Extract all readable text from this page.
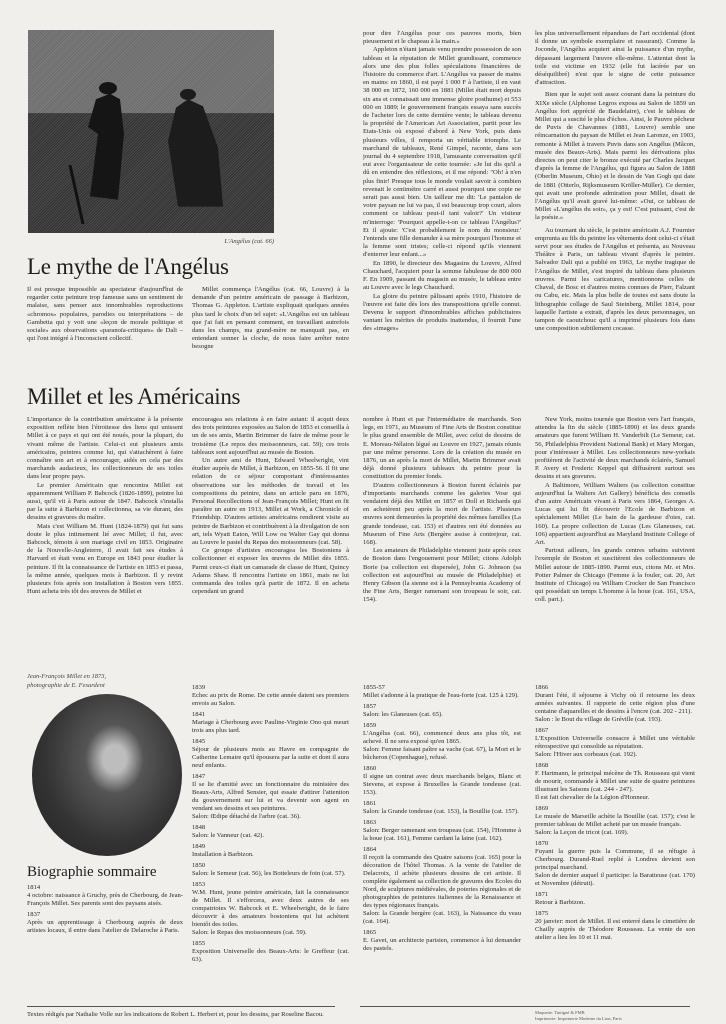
L'Angélus (cat. 66)
Le mythe de l'Angélus

Il est presque impossible au spectateur d'aujourd'hui de regarder cette peinture trop fameuse sans un sentiment de malaise, sans penser aux innombrables reproductions «chromos» populaires, parodies ou interprétations – de Gambetta qui y voit une «leçon de morale politique et sociale» aux observations «paranoïa-critiques» de Dali – qui l'ont intégré à l'inconscient collectif.

Millet commença l'Angélus (cat. 66, Louvre) à la demande d'un peintre américain de passage à Barbizon, Thomas G. Appleton. L'artiste expliquait quelques années plus tard le choix d'un tel sujet: «L'Angélus est un tableau que j'ai fait en pensant comment, en travaillant autrefois dans les champs, ma grand-mère ne manquait pas, en entendant sonner la cloche, de nous faire arrêter notre besogne

pour dire l'Angélus pour ces pauvres morts, bien pieusement et le chapeau à la main.»

Appleton n'étant jamais venu prendre possession de son tableau et la réputation de Millet grandissant, commence alors une des plus folles spéculations financières de l'histoire du commerce d'art. L'Angélus va passer de mains en mains: en 1860, il est payé 1 000 F à l'artiste, il en vaut 38 000 en 1872, 160 000 en 1881 (Millet était mort depuis six ans et connaissait une immense gloire posthume) et 553 000 en 1889; le gouvernement français essaya sans succès de l'acheter lors de cette dernière vente; le tableau devenu la propriété de l'American Art Association, partit pour les Etats-Unis où exposé d'abord à New York, puis dans plusieurs villes, il remporta un véritable triomphe. Le marchand de tableaux, René Gimpel, raconte, dans son journal du 4 septembre 1918, l'amusante conversation qu'il eut avec l'organisateur de cette tournée: «Je lui dis qu'il a dû en entendre des réflexions, et il me répond: "Oh! à n'en plus finir! Presque tous le monde voulait savoir à combien revenait le centimètre carré et aussi pourquoi une copie ne serait pas aussi bien. Un tailleur me dit: 'Le pantalon de votre paysan ne lui va pas, il est beaucoup trop court, alors comment ce tableau peut-il tant valoir?' Un visiteur m'interroge: 'Pourquoi appelle-t-on ce tableau l'Angélus?' Et il ajoute: 'C'est probablement le nom du monsieur.' J'entends une fille demander à sa mère pourquoi l'homme et la femme sont tristes; celle-ci répond qu'ils viennent d'enterrer leur enfant...»

En 1890, le directeur des Magasins du Louvre, Alfred Chauchard, l'acquiert pour la somme fabuleuse de 800 000 F. En 1909, passant du magasin au musée, le tableau entre au Louvre avec le legs Chauchard.

La gloire du peintre pâlissant après 1910, l'histoire de l'œuvre est faite dès lors des transpositions qu'elle connut. Devenu le support d'innombrables affiches publicitaires vantant les mérites de produits inattendus, il fournit l'une des «images»

les plus universellement répandues de l'art occidental (dont il donne un symbole exemplaire et rassurant). Comme la Joconde, l'Angélus acquiert ainsi la puissance d'un mythe, dépassant largement l'œuvre elle-même. L'attentat dont la toile est victime en 1932 (elle fut lacérée par un déséquilibré) n'est que le signe de cette puissance d'attraction.

Bien que le sujet soit assez courant dans la peinture du XIXe siècle (Alphonse Legros exposa au Salon de 1859 un Angélus fort apprécié de Baudelaire), c'est le tableau de Millet qui a suscité le plus d'échos. Ainsi, le Pauvre pêcheur de Puvis de Chavannes (1881, Louvre) semble une réincarnation du paysan de Millet et Jean Laronze, en 1903, remonte à Millet à travers Puvis dans son Angélus (Mâcon, musée des Beaux-Arts). Mais parmi les dérivations plus directes on peut citer le bronze exécuté par Charles Jacquet d'après la femme de l'Angélus, qui figura au Salon de 1888 (Oberlin Museum, Ohio) et le dessin de Van Gogh qui date de 1881 (Otterlo, Rijksmuseum Kröller-Müller). Ce dernier, qui avait une profonde admiration pour Millet, disait de l'Angélus qu'il avait gravé lui-même: «Oui, ce tableau de Millet «L'angélus du soir», ça y est! C'est puissant, c'est de la poésie.»

Au tournant du siècle, le peintre américain A.J. Fournier emprunta au fils du peintre les vêtements dont celui-ci s'était servi pour ses études de l'Angélus et présenta, au Nouveau Théâtre à Paris, un tableau vivant d'après le peintre. Salvador Dali qui a publié en 1963, Le mythe tragique de l'Angélus de Millet, s'est inspiré du tableau dans plusieurs œuvres. Parmi les caricatures, mentionnons celles de Chaval, de Bosc et d'autres moins connues de Pierr, Falzant ou Cabu, etc. Mais la plus belle de toutes est sans doute la lithographie collage de Saul Steinberg, Millet 1814, pour laquelle l'artiste a extrait, d'après les deux personnages, un tampon de caoutchouc qu'il a imprimé plusieurs fois dans une composition subtilement cocasse.

Millet et les Américains

L'importance de la contribution américaine à la présente exposition reflète bien l'étroitesse des liens qui unissent Millet à ce pays et qui ont été noués, pour la plupart, du vivant même de l'artiste. Celui-ci eut plusieurs amis américains, peintres comme lui, qui s'attachèrent à faire connaître son art et à encourager, aidés en cela par des marchands audacieux, les collectionneurs de ses toiles dans leur propre pays.

Le premier Américain que rencontra Millet est apparemment William P. Babcock (1826-1899), peintre lui aussi, qu'il vit à Paris autour de 1847. Babcock s'installa par la suite à Barbizon et collectionna, sa vie durant, des dessins et gravures du maître.

Mais c'est William M. Hunt (1824-1879) qui fut sans doute le plus intimement lié avec Millet; il fut, avec Babcock, témoin à son mariage civil en 1853. Originaire de la Nouvelle-Angleterre, il avait fait ses études à Harvard et était venu en Europe en 1843 pour étudier la peinture. Il fit la connaissance de l'artiste en 1853 et passa, la même année, quelques mois à Barbizon. Il y revint plusieurs fois après son installation à Boston vers 1855. Hunt acheta très tôt des œuvres de Millet et

encouragea ses relations à en faire autant: il acquit deux des trois peintures exposées au Salon de 1853 et conseilla à un de ses amis, Martin Brimmer de faire de même pour le troisième (Le repos des moissonneurs, cat. 59); ces trois tableaux sont aujourd'hui au musée de Boston.

Un autre ami de Hunt, Edward Wheelwright, vint étudier auprès de Millet, à Barbizon, en 1855-56. Il fit une relation de ce séjour comportant d'intéressantes observations sur les méthodes de travail et les compositions du peintre, dans un article paru en 1876, Personal Recollections of Jean-François Millet; Hunt en fit paraître un autre en 1913, Millet at Work, a Chronicle of Friendship. D'autres artistes américains rendirent visite au peintre de Barbizon et contribuèrent à la divulgation de son art, tels Wyatt Eaton, Will Low ou Walter Gay qui donna au Louvre le pastel du Repas des moissonneurs (cat. 58).

Ce groupe d'artistes encouragea les Bostoniens à collectionner et exposer les œuvres de Millet dès 1855. Parmi ceux-ci était un camarade de classe de Hunt, Quincy Adams Shaw. Il rencontra l'artiste en 1861, mais ne lui commanda des toiles qu'à partir de 1872. Il en acheta cependant un grand

nombre à Hunt et par l'intermédiaire de marchands. Son legs, en 1971, au Museum of Fine Arts de Boston constitue le plus grand ensemble de Millet, avec celui de dessins de E. Moreau-Nélaton légué au Louvre en 1927, jamais réunis par une même personne. Lors de la création du musée en 1876, un an après la mort de Millet, Martin Brimmer avait déjà donné plusieurs tableaux du peintre pour la constitution du premier fonds.

D'autres collectionneurs à Boston furent éclairés par d'importants marchands comme les galeries Vose qui vendaient déjà des Millet en 1857 et Doll et Richards qui en achetèrent peu après la mort de l'artiste. Plusieurs œuvres sont demeurées la propriété des mêmes familles (La grande tondeuse, cat. 153) et d'autres ont été données au Museum of Fine Arts (Bergère assise à contrejour, cat. 168).

Les amateurs de Philadelphie viennent juste après ceux de Boston dans l'engouement pour Millet; citons Adolph Borie (sa collection est dispersée), John G. Johnson (sa collection est aujourd'hui au musée de Philadelphie) et Henry Gibson (la sienne est à la Pennsylvania Academy of the Fine Arts, Berger ramenant son troupeau le soir, cat. 154).

New York, moins tournée que Boston vers l'art français, attendra la fin du siècle (1885-1890) et les deux grands amateurs que furent William H. Vanderbilt (Le Semeur, cat. 56, Philadelphia Provident National Bank) et Mary Morgan, pour s'intéresser à Millet. Les collectionneurs new-yorkais profitèrent de l'activité de deux marchands éclairés, Samuel P. Avery et Frederic Keppel qui diffusèrent surtout ses dessins et ses gravures.

A Baltimore, William Walters (sa collection constitue aujourd'hui la Walters Art Gallery) bénéficia des conseils d'un autre Américain vivant à Paris vers 1864, Georges A. Lucas qui lui fit découvrir l'Ecole de Barbizon et spécialement Millet (Le bain de la gardeuse d'oies, cat. 160). La propre collection de Lucas (Les Glaneuses, cat. 106) appartient aujourd'hui au Maryland Institute College of Art.

Partout ailleurs, les grands centres urbains suivirent l'exemple de Boston et suscitèrent des collectionneurs de Millet autour de 1885-1890. Parmi eux, citons Mr. et Mrs. Potter Palmer de Chicago (Femme à la fouler, cat. 20, Art Institute of Chicago) ou William Crocker de San Francisco qui possédait un temps L'homme à la houe (cat. 161, USA, coll. part.).

Jean-François Millet en 1873,
photographie de E. Fesardent
Biographie sommaire
1814
4 octobre: naissance à Gruchy, près de Cherbourg, de Jean-François Millet. Ses parents sont des paysans aisés.
1837
Après un apprentissage à Cherbourg auprès de deux artistes locaux, il entre dans l'atelier de Delaroche à Paris.
1839
Echec au prix de Rome. De cette année datent ses premiers envois au Salon.
1841
Mariage à Cherbourg avec Pauline-Virginie Ono qui meurt trois ans plus tard.
1845
Séjour de plusieurs mois au Havre en compagnie de Catherine Lemaire qu'il épousera par la suite et dont il aura neuf enfants.
1847
Il se lie d'amitié avec un fonctionnaire du ministère des Beaux-Arts, Alfred Sensier, qui essaie d'attirer l'attention du gouvernement sur lui et va devenir son agent en vendant ses dessins et ses peintures.
Salon: Œdipe détaché de l'arbre (cat. 36).
1848
Salon: le Vanneur (cat. 42).
1849
Installation à Barbizon.
1850
Salon: le Semeur (cat. 56), les Botteleurs de foin (cat. 57).
1853
W.M. Hunt, jeune peintre américain, fait la connaissance de Millet. Il s'efforcera, avec deux autres de ses compatriotes W. Babcock et E. Wheelwright, de le faire découvrir à des amateurs bostoniens qui lui achètent bientôt des toiles.
Salon: le Repas des moissonneurs (cat. 59).
1855
Exposition Universelle des Beaux-Arts: le Greffeur (cat. 63).
1855-57
Millet s'adonne à la pratique de l'eau-forte (cat. 125 à 129).
1857
Salon: les Glaneuses (cat. 65).
1859
L'Angélus (cat. 66), commencé deux ans plus tôt, est achevé. Il ne sera exposé qu'en 1865.
Salon: Femme faisant paître sa vache (cat. 67), la Mort et le bûcheron (Copenhague), refusé.
1860
Il signe un contrat avec deux marchands belges, Blanc et Stevens, et expose à Bruxelles la Grande tondeuse (cat. 153).
1861
Salon: la Grande tondeuse (cat. 153), la Bouillie (cat. 157).
1863
Salon: Berger ramenant son troupeau (cat. 154), l'Homme à la houe (cat. 161), Femme cardant la laine (cat. 162).
1864
Il reçoit la commande des Quatre saisons (cat. 165) pour la décoration de l'hôtel Thomas. A la vente de l'atelier de Delacroix, il achète plusieurs dessins de cet artiste. Il complète également sa collection de gravures des Ecoles du Nord, de sculptures médiévales, de poteries régionales et de photographies de peintures italiennes de la Renaissance et des types régionaux français.
Salon: la Grande bergère (cat. 163), la Naissance du veau (cat. 164).
1865
E. Gavet, un architecte parisien, commence à lui demander des pastels.
1866
Durant l'été, il séjourne à Vichy où il retourne les deux années suivantes. Il rapporte de cette région plus d'une centaine d'aquarelles et de dessins à l'encre (cat. 202 - 211).
Salon : le Bout du village de Gréville (cat. 193).
1867
L'Exposition Universelle consacre à Millet une véritable rétrospective qui consolide sa réputation.
Salon: l'Hiver aux corbeaux (cat. 192).
1868
F. Hartmann, le principal mécène de Th. Rousseau qui vient de mourir, commande à Millet une suite de quatre peintures illustrant les Saisons (cat. 244 - 247).
Il est fait chevalier de la Légion d'Honneur.
1869
Le musée de Marseille achète la Bouillie (cat. 157); c'est le premier tableau de Millet acheté par un musée français.
Salon: la Leçon de tricot (cat. 169).
1870
Fuyant la guerre puis la Commune, il se réfugie à Cherbourg. Durand-Ruel replié à Londres devient son principal marchand.
Salon de dernier auquel il participe: la Baratteuse (cat. 170) et Novembre (détruit).
1871
Retour à Barbizon.
1875
20 janvier: mort de Millet. Il est enterré dans le cimetière de Chailly auprès de Théodore Rousseau. La vente de son atelier a lieu les 10 et 11 mai.
Textes rédigés par Nathalie Volle sur les indications de Robert L. Herbert et, pour les dessins, par Roseline Bacou.	Maquette: Tintigné & FMB
Imprimerie: Imprimerie Moderne du Lion, Paris
